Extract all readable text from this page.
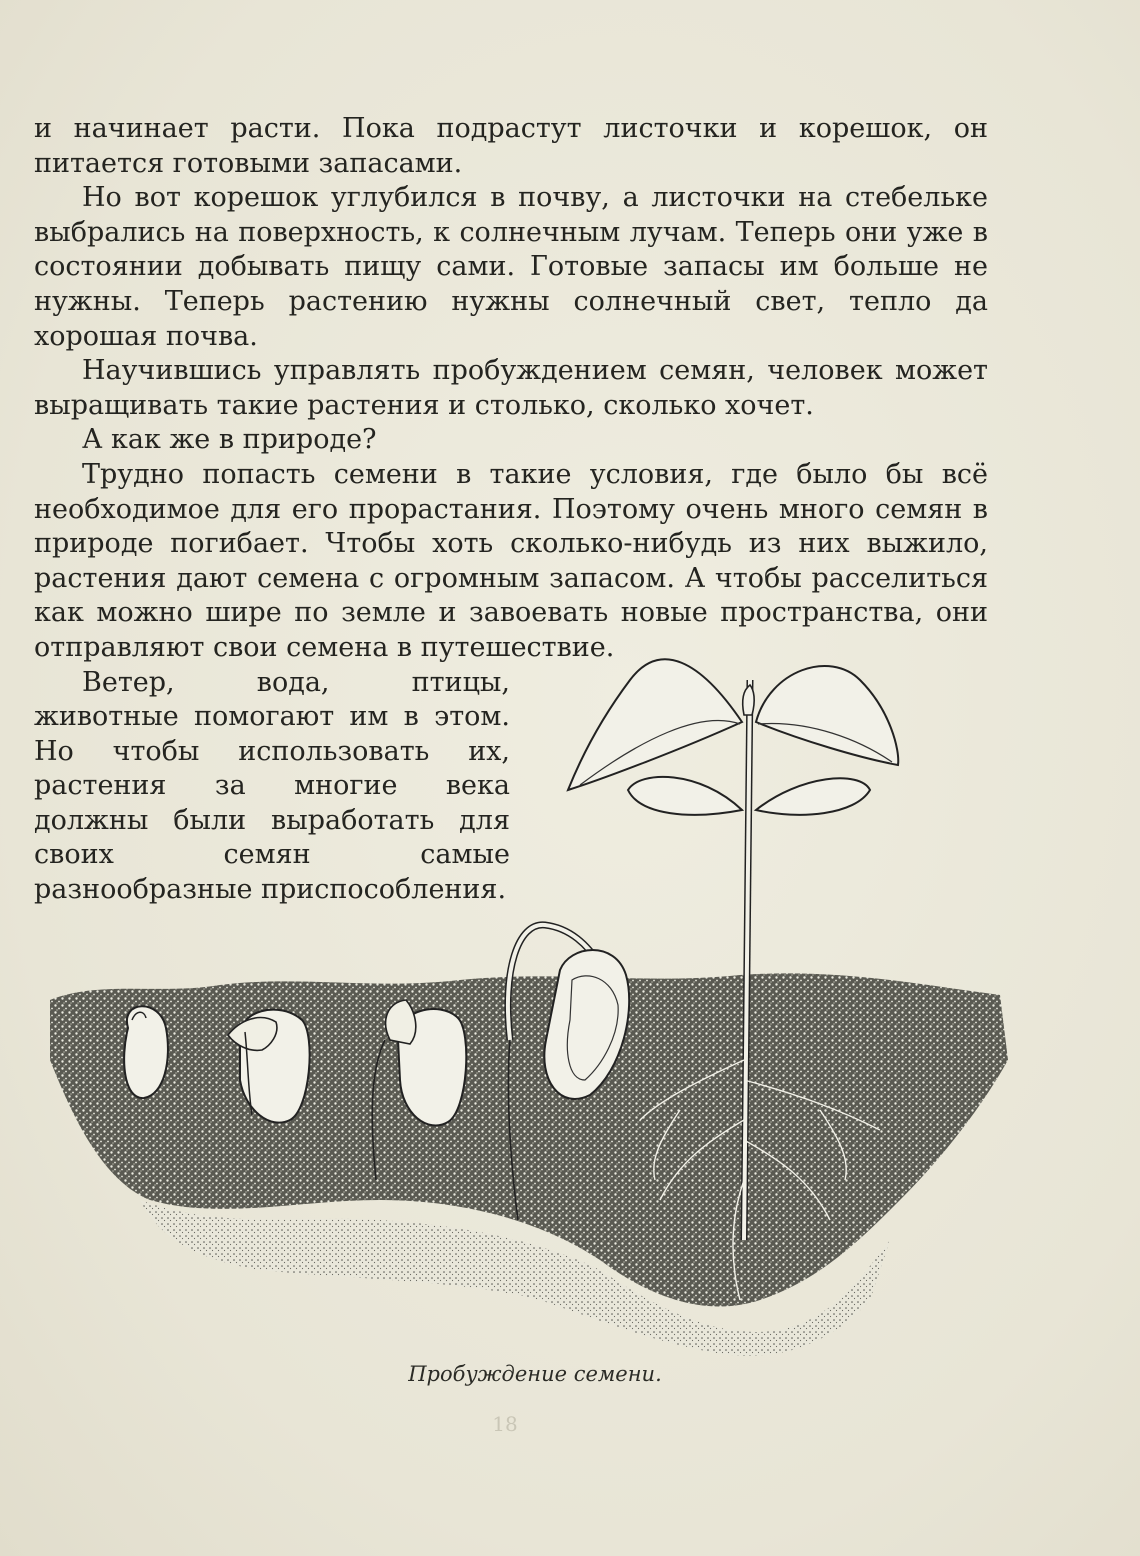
и начинает расти. Пока подрастут листочки и корешок, он питается готовыми запасами.

Но вот корешок углубился в почву, а листочки на стебельке выбрались на поверхность, к солнечным лучам. Теперь они уже в состоянии добывать пищу сами. Готовые запасы им больше не нужны. Теперь растению нужны солнечный свет, тепло да хорошая почва.

Научившись управлять пробуждением семян, человек может выращивать такие растения и столько, сколько хочет.

А как же в природе?

Трудно попасть семени в такие условия, где было бы всё необходимое для его прорастания. Поэтому очень много семян в природе погибает. Чтобы хоть сколько-нибудь из них выжило, растения дают семена с огромным запасом. А чтобы расселиться как можно шире по земле и завоевать новые пространства, они отправляют свои семена в путешествие.

Ветер, вода, птицы, животные помогают им в этом. Но чтобы использовать их, растения за многие века должны были выработать для своих семян самые разнообразные приспособления.

Пробуждение семени.
18
